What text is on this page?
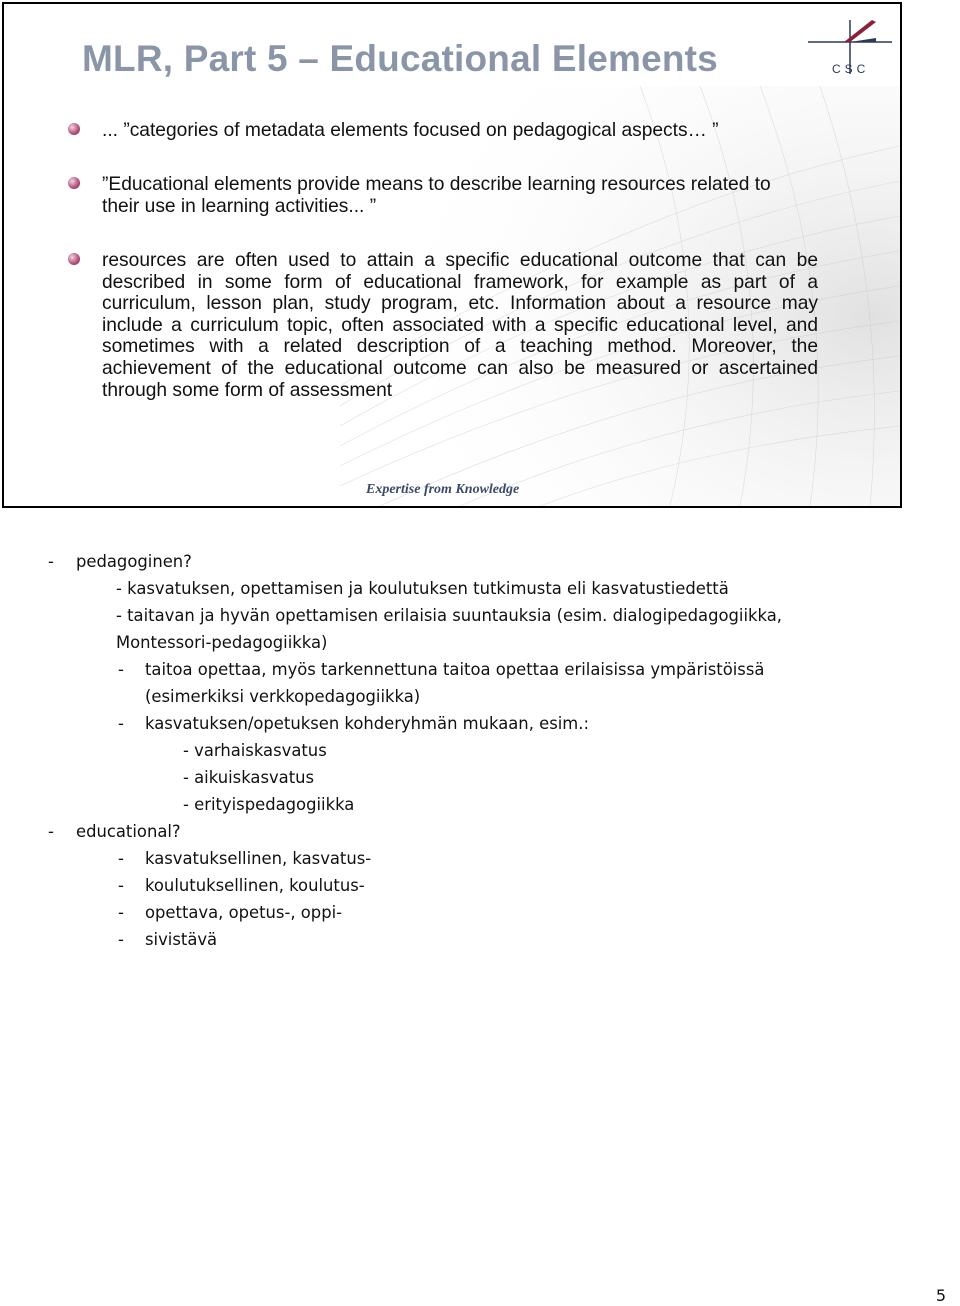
MLR, Part 5 – Educational Elements	CSC
... ”categories of metadata elements focused on pedagogical aspects… ”
”Educational elements provide means to describe learning resources related to their use in learning activities... ”
resources are often used to attain a specific educational outcome that can be described in some form of educational framework, for example as part of a curriculum, lesson plan, study program, etc. Information about a resource may include a curriculum topic, often associated with a specific educational level, and sometimes with a related description of a teaching method. Moreover, the achievement of the educational outcome can also be measured or ascertained through some form of assessment
Expertise from Knowledge
- pedagoginen?
- kasvatuksen, opettamisen ja koulutuksen tutkimusta eli kasvatustiedettä
- taitavan ja hyvän opettamisen erilaisia suuntauksia (esim. dialogipedagogiikka,
Montessori-pedagogiikka)
- taitoa opettaa, myös tarkennettuna taitoa opettaa erilaisissa ympäristöissä
(esimerkiksi verkkopedagogiikka)
- kasvatuksen/opetuksen kohderyhmän mukaan, esim.:
- varhaiskasvatus
- aikuiskasvatus
- erityispedagogiikka
- educational?
- kasvatuksellinen, kasvatus-
- koulutuksellinen, koulutus-
- opettava, opetus-, oppi-
- sivistävä
5
